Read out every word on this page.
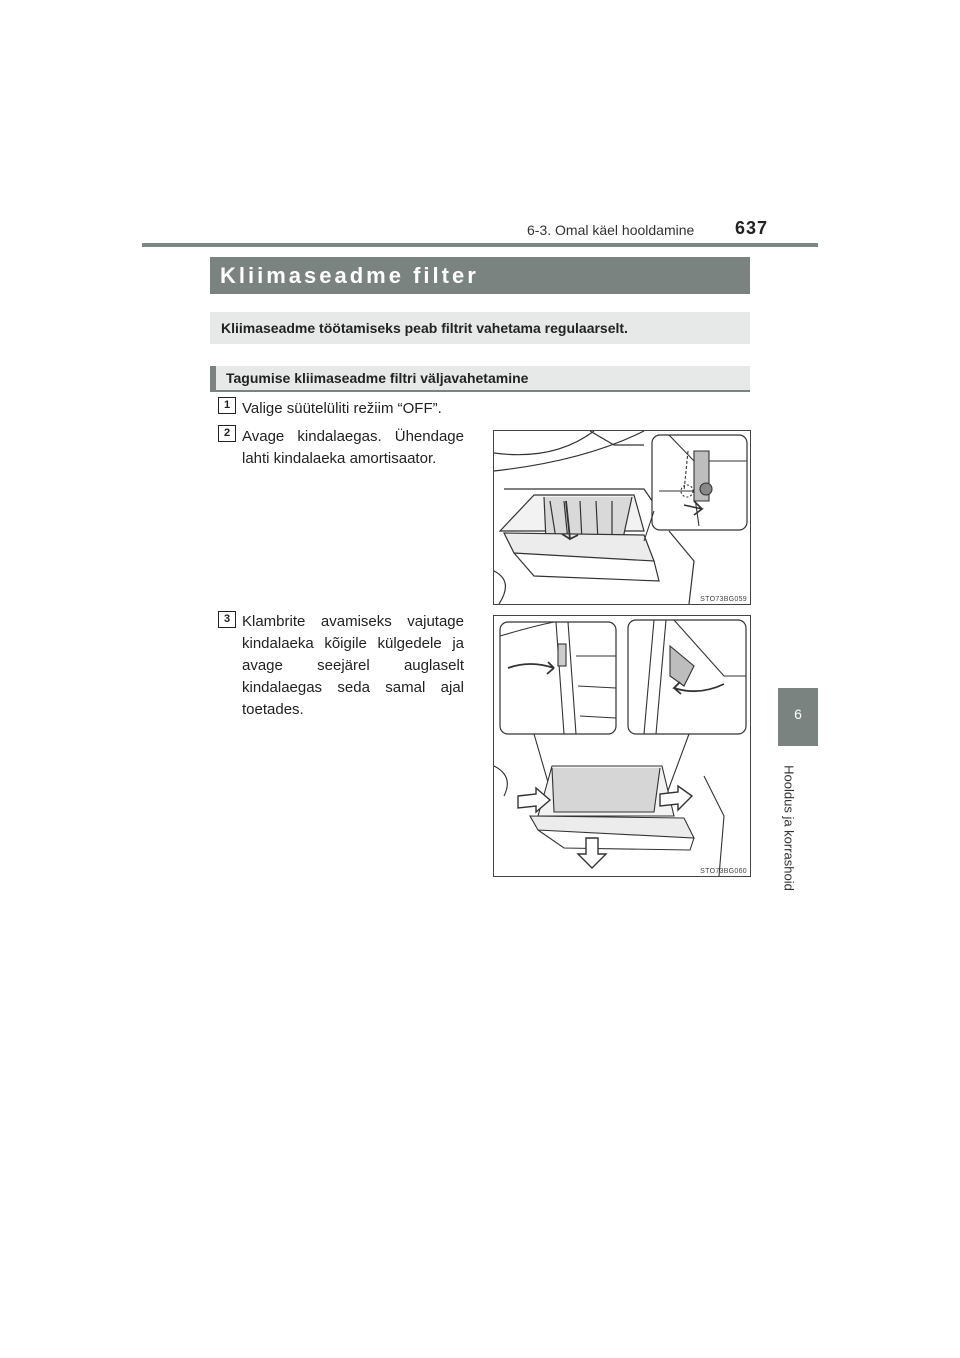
6-3. Omal käel hooldamine 637
Kliimaseadme filter
Kliimaseadme töötamiseks peab filtrit vahetama regulaarselt.
Tagumise kliimaseadme filtri väljavahetamine
1 Valige süütelüliti režiim “OFF”.
2 Avage kindalaegas. Ühendage lahti kindalaeka amortisaator.
STO73BG059
3 Klambrite avamiseks vajutage kindalaeka kõigile külgedele ja avage seejärel auglaselt kindalaegas seda samal ajal toetades.
STO73BG060
6
Hooldus ja korrashoid
